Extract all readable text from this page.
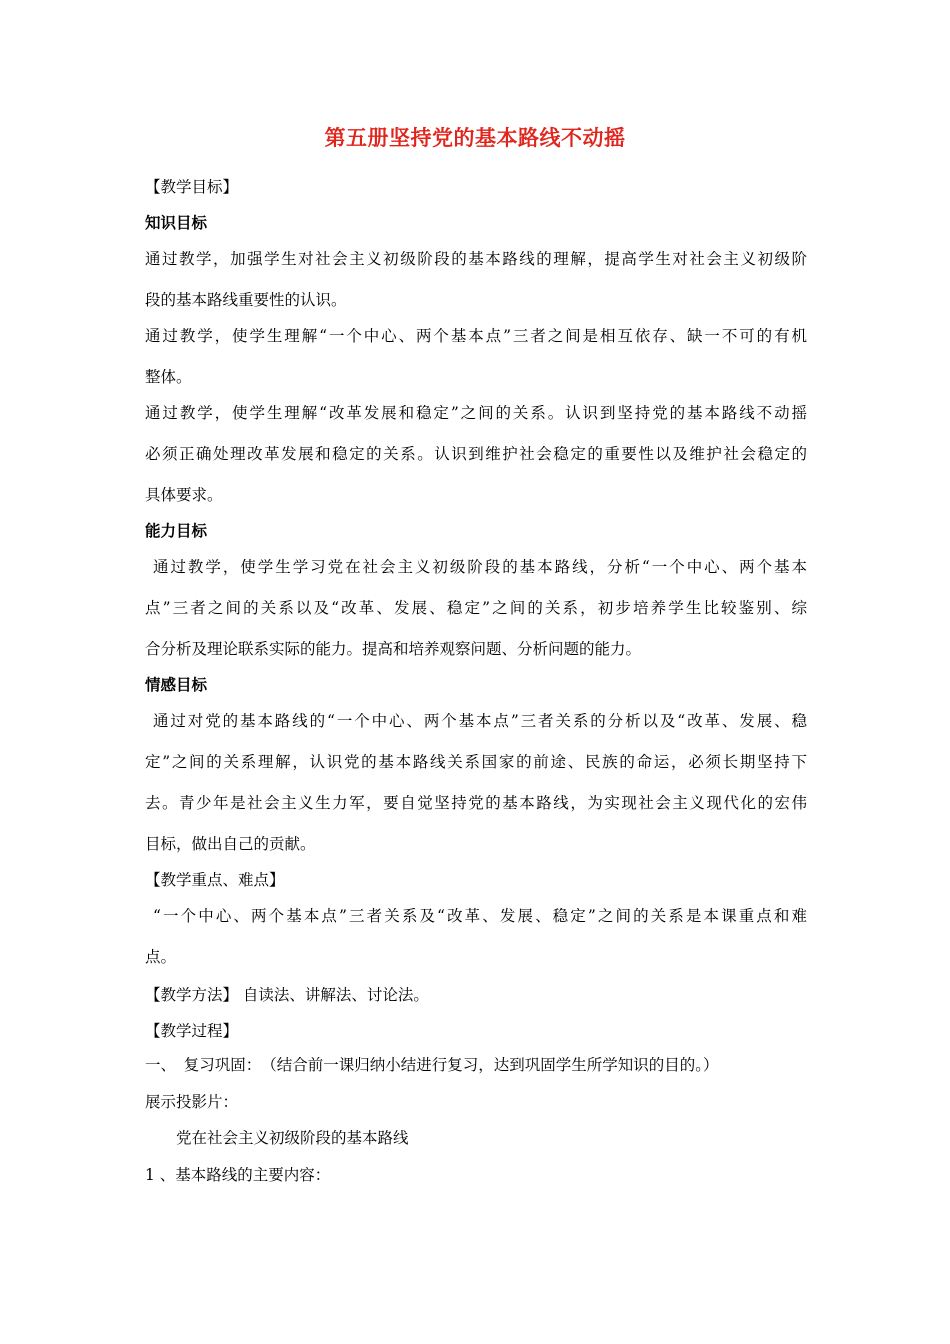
第五册坚持党的基本路线不动摇
【教学目标】
知识目标
通过教学，加强学生对社会主义初级阶段的基本路线的理解，提高学生对社会主义初级阶
段的基本路线重要性的认识。
通过教学，使学生理解“一个中心、两个基本点”三者之间是相互依存、缺一不可的有机
整体。
通过教学，使学生理解“改革发展和稳定”之间的关系。认识到坚持党的基本路线不动摇
必须正确处理改革发展和稳定的关系。认识到维护社会稳定的重要性以及维护社会稳定的
具体要求。
能力目标
通过教学，使学生学习党在社会主义初级阶段的基本路线，分析“一个中心、两个基本
点”三者之间的关系以及“改革、发展、稳定”之间的关系，初步培养学生比较鉴别、综
合分析及理论联系实际的能力。提高和培养观察问题、分析问题的能力。
情感目标
通过对党的基本路线的“一个中心、两个基本点”三者关系的分析以及“改革、发展、稳
定”之间的关系理解，认识党的基本路线关系国家的前途、民族的命运，必须长期坚持下
去。青少年是社会主义生力军，要自觉坚持党的基本路线，为实现社会主义现代化的宏伟
目标，做出自己的贡献。
【教学重点、难点】
“一个中心、两个基本点”三者关系及“改革、发展、稳定”之间的关系是本课重点和难
点。
【教学方法】 自读法、讲解法、讨论法。
【教学过程】
一、　复习巩固：　（结合前一课归纳小结进行复习，达到巩固学生所学知识的目的。）
展示投影片：
　　党在社会主义初级阶段的基本路线
1 、基本路线的主要内容：
